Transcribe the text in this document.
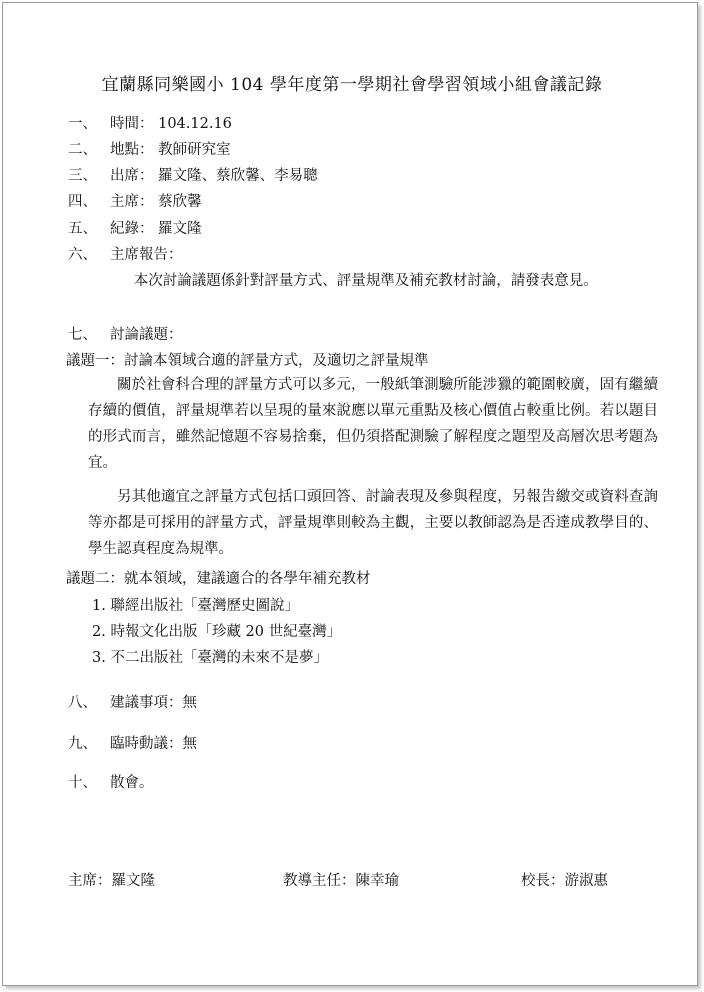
宜蘭縣同樂國小 104 學年度第一學期社會學習領域小組會議記錄
一、 時間： 104.12.16
二、 地點： 教師研究室
三、 出席： 羅文隆、蔡欣馨、李易聰
四、 主席： 蔡欣馨
五、 紀錄： 羅文隆
六、 主席報告：
本次討論議題係針對評量方式、評量規準及補充教材討論，請發表意見。
七、 討論議題：
議題一：討論本領域合適的評量方式，及適切之評量規準
關於社會科合理的評量方式可以多元，一般紙筆測驗所能涉獵的範圍較廣，固有繼續存續的價值，評量規準若以呈現的量來說應以單元重點及核心價值占較重比例。若以題目的形式而言，雖然記憶題不容易捨棄，但仍須搭配測驗了解程度之題型及高層次思考題為宜。
另其他適宜之評量方式包括口頭回答、討論表現及參與程度，另報告繳交或資料查詢等亦都是可採用的評量方式，評量規準則較為主觀，主要以教師認為是否達成教學目的、學生認真程度為規準。
議題二：就本領域，建議適合的各學年補充教材
1. 聯經出版社「臺灣歷史圖說」
2. 時報文化出版「珍藏 20 世紀臺灣」
3. 不二出版社「臺灣的未來不是夢」
八、 建議事項：無
九、 臨時動議：無
十、 散會。
主席：羅文隆	教導主任：陳幸瑜	校長：游淑惠
